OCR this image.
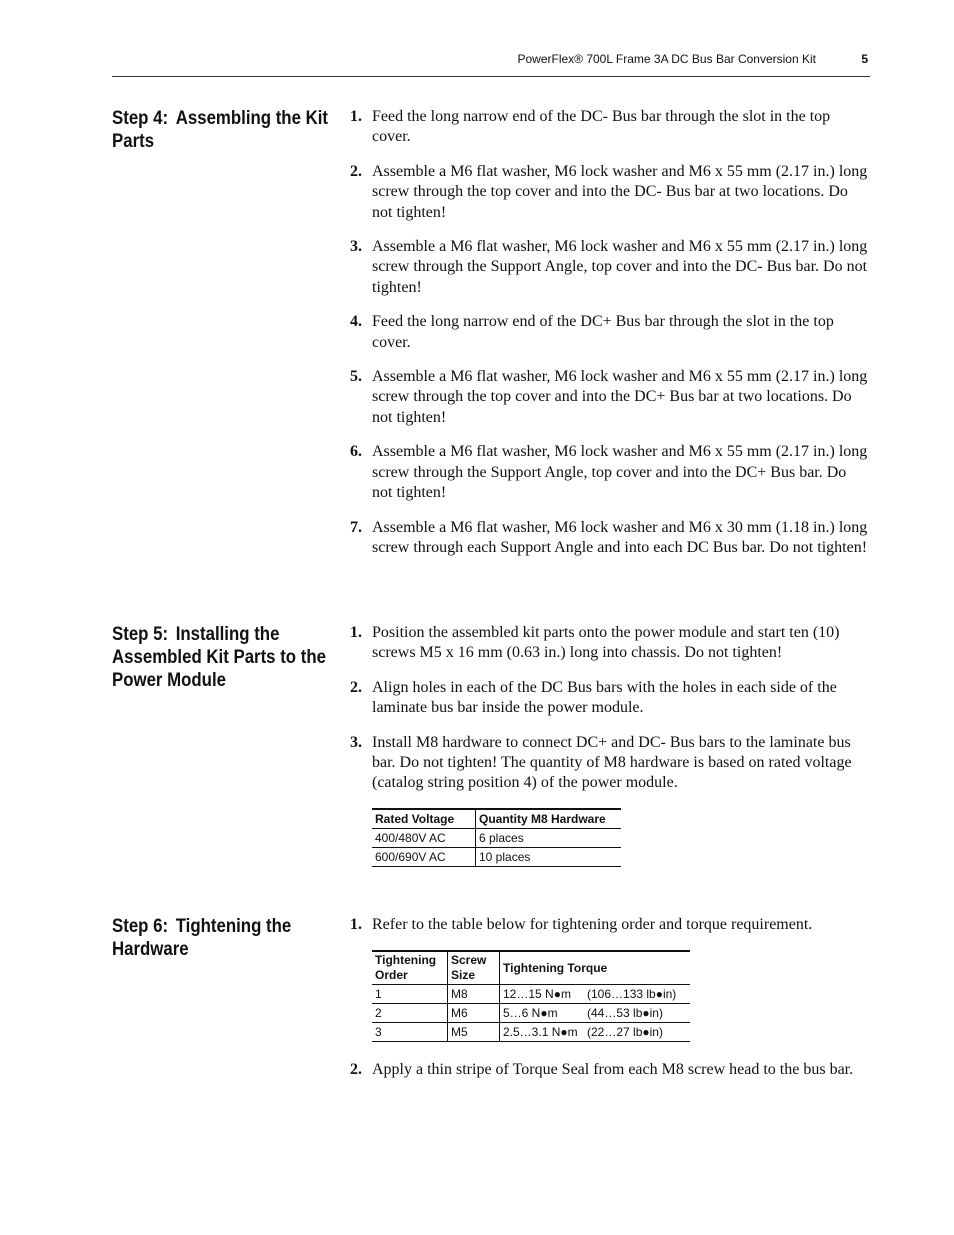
PowerFlex® 700L Frame 3A DC Bus Bar Conversion Kit	5
Step 4: Assembling the Kit Parts
1. Feed the long narrow end of the DC- Bus bar through the slot in the top cover.
2. Assemble a M6 flat washer, M6 lock washer and M6 x 55 mm (2.17 in.) long screw through the top cover and into the DC- Bus bar at two locations. Do not tighten!
3. Assemble a M6 flat washer, M6 lock washer and M6 x 55 mm (2.17 in.) long screw through the Support Angle, top cover and into the DC- Bus bar. Do not tighten!
4. Feed the long narrow end of the DC+ Bus bar through the slot in the top cover.
5. Assemble a M6 flat washer, M6 lock washer and M6 x 55 mm (2.17 in.) long screw through the top cover and into the DC+ Bus bar at two locations. Do not tighten!
6. Assemble a M6 flat washer, M6 lock washer and M6 x 55 mm (2.17 in.) long screw through the Support Angle, top cover and into the DC+ Bus bar. Do not tighten!
7. Assemble a M6 flat washer, M6 lock washer and M6 x 30 mm (1.18 in.) long screw through each Support Angle and into each DC Bus bar. Do not tighten!
Step 5: Installing the Assembled Kit Parts to the Power Module
1. Position the assembled kit parts onto the power module and start ten (10) screws M5 x 16 mm (0.63 in.) long into chassis. Do not tighten!
2. Align holes in each of the DC Bus bars with the holes in each side of the laminate bus bar inside the power module.
3. Install M8 hardware to connect DC+ and DC- Bus bars to the laminate bus bar. Do not tighten! The quantity of M8 hardware is based on rated voltage (catalog string position 4) of the power module.
Rated Voltage	Quantity M8 Hardware
400/480V AC	6 places
600/690V AC	10 places
Step 6: Tightening the Hardware
1. Refer to the table below for tightening order and torque requirement.
Tightening Order	Screw Size	Tightening Torque
1	M8	12…15 N●m (106…133 lb●in)
2	M6	5…6 N●m (44…53 lb●in)
3	M5	2.5…3.1 N●m (22…27 lb●in)
2. Apply a thin stripe of Torque Seal from each M8 screw head to the bus bar.
